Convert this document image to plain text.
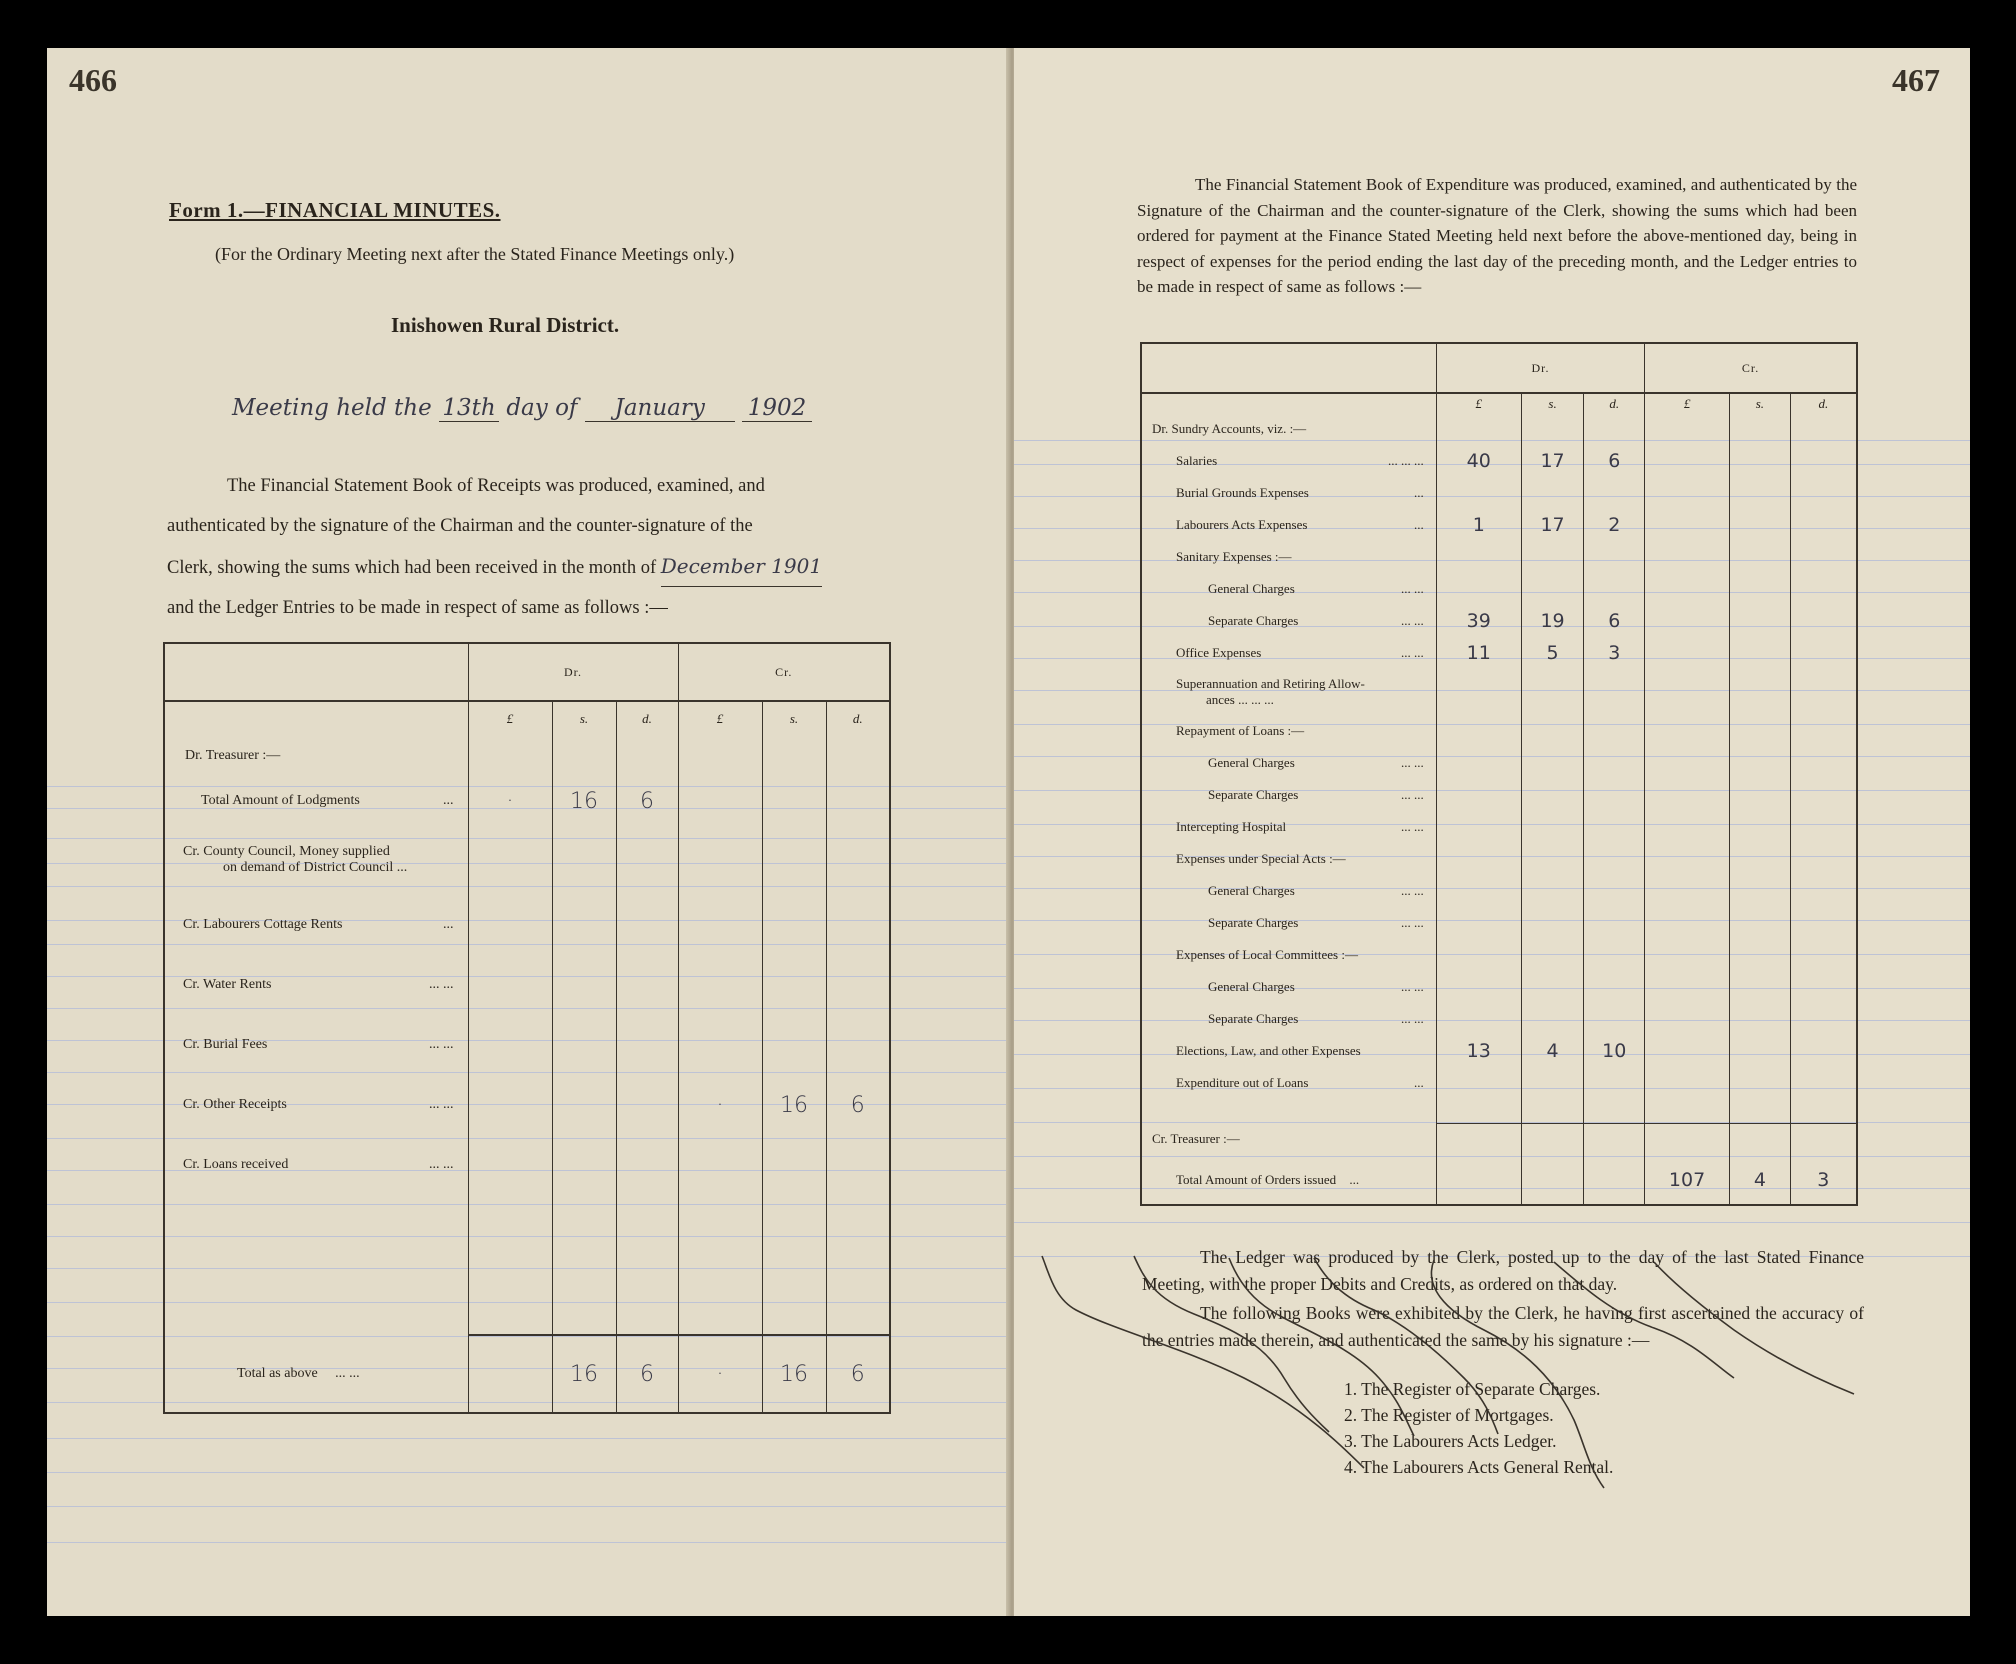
466
Form 1.—FINANCIAL MINUTES.
(For the Ordinary Meeting next after the Stated Finance Meetings only.)
Inishowen Rural District.
Meeting held the 13th day of January 1902
The Financial Statement Book of Receipts was produced, examined, and
authenticated by the signature of the Chairman and the counter-signature of the
Clerk, showing the sums which had been received in the month of December 1901
and the Ledger Entries to be made in respect of same as follows :—
	Dr.			Cr.		
	£	s.	d.	£	s.	d.
Dr. Treasurer :—						
Total Amount of Lodgments ...	·	16	6			
Cr. County Council, Money supplied
on demand of District Council ...						
Cr. Labourers Cottage Rents ...						

Cr. Water Rents ... ...						

Cr. Burial Fees ... ...						

Cr. Other Receipts ... ...				·	16	6
Cr. Loans received ... ...						

Total as above ... ...		16	6	·	16	6
467

The Financial Statement Book of Expenditure was produced, examined, and authenticated by the Signature of the Chairman and the counter-signature of the Clerk, showing the sums which had been ordered for payment at the Finance Stated Meeting held next before the above-mentioned day, being in respect of expenses for the period ending the last day of the preceding month, and the Ledger entries to be made in respect of same as follows :—

	Dr.			Cr.		
	£	s.	d.	£	s.	d.
Dr. Sundry Accounts, viz. :—						
Salaries ... ... ...	40	17	6			
Burial Grounds Expenses ...						

Labourers Acts Expenses ...	1	17	2			
Sanitary Expenses :—						
General Charges ... ...						

Separate Charges ... ...	39	19	6			
Office Expenses ... ...	11	5	3			
Superannuation and Retiring Allow-
ances ... ... ...						
Repayment of Loans :—						
General Charges ... ...						

Separate Charges ... ...						

Intercepting Hospital ... ...						

Expenses under Special Acts :—						
General Charges ... ...						

Separate Charges ... ...						

Expenses of Local Committees :—						
General Charges ... ...						

Separate Charges ... ...						

Elections, Law, and other Expenses	13	4	10			
Expenditure out of Loans ...						

Cr. Treasurer :—						
Total Amount of Orders issued ...				107	4	3

The Ledger was produced by the Clerk, posted up to the day of the last Stated Finance Meeting, with the proper Debits and Credits, as ordered on that day.

The following Books were exhibited by the Clerk, he having first ascertained the accuracy of the entries made therein, and authenticated the same by his signature :—

1. The Register of Separate Charges.
2. The Register of Mortgages.
3. The Labourers Acts Ledger.
4. The Labourers Acts General Rental.
